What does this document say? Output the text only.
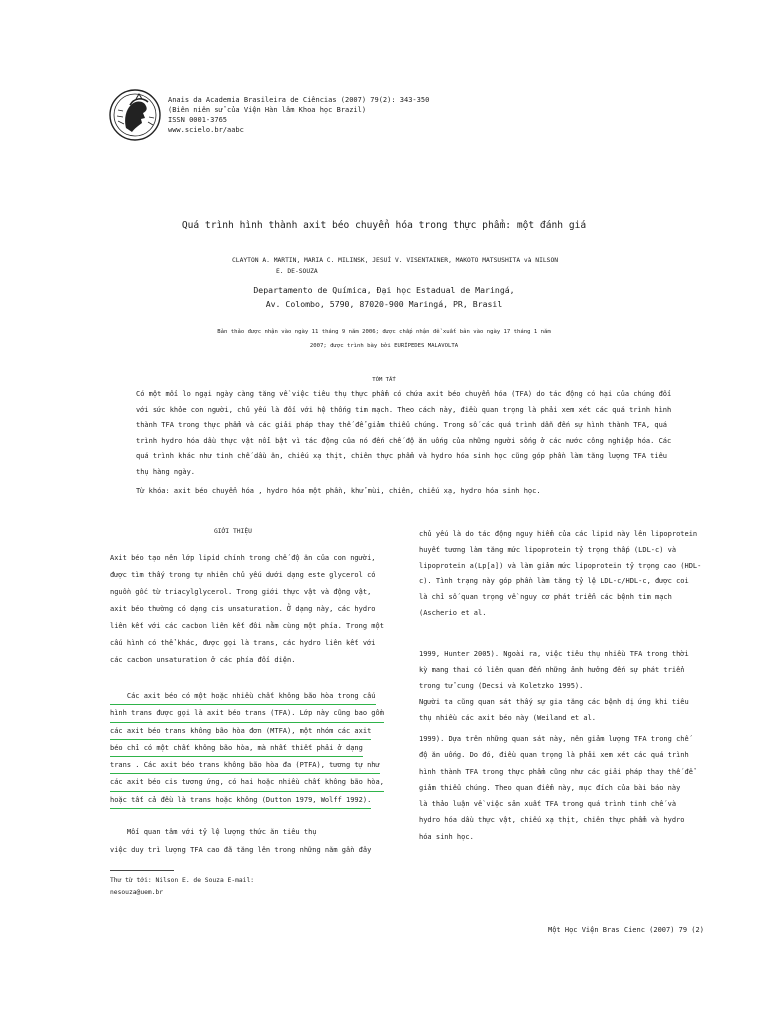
Anais da Academia Brasileira de Ciências (2007) 79(2): 343-350
(Biên niên sử của Viện Hàn lâm Khoa học Brazil)
ISSN 0001-3765
www.scielo.br/aabc
Quá trình hình thành axit béo chuyển hóa trong thực phẩm: một đánh giá
CLAYTON A. MARTIN, MARIA C. MILINSK, JESUÍ V. VISENTAINER, MAKOTO MATSUSHITA và NILSON
E. DE-SOUZA
Departamento de Química, Đại học Estadual de Maringá,
Av. Colombo, 5790, 87020-900 Maringá, PR, Brasil
Bản thảo được nhận vào ngày 11 tháng 9 năm 2006; được chấp nhận để xuất bản vào ngày 17 tháng 1 năm
2007; được trình bày bởi EURÍPEDES MALAVOLTA
TÓM TẮT
Có một mối lo ngại ngày càng tăng về việc tiêu thụ thực phẩm có chứa axit béo chuyển hóa (TFA) do tác động có hại của chúng đối
với sức khỏe con người, chủ yếu là đối với hệ thống tim mạch. Theo cách này, điều quan trọng là phải xem xét các quá trình hình
thành TFA trong thực phẩm và các giải pháp thay thế để giảm thiểu chúng. Trong số các quá trình dẫn đến sự hình thành TFA, quá
trình hydro hóa dầu thực vật nổi bật vì tác động của nó đến chế độ ăn uống của những người sống ở các nước công nghiệp hóa. Các
quá trình khác như tinh chế dầu ăn, chiếu xạ thịt, chiên thực phẩm và hydro hóa sinh học cũng góp phần làm tăng lượng TFA tiêu
thụ hàng ngày.
Từ khóa: axit béo chuyển hóa , hydro hóa một phần, khử mùi, chiên, chiếu xạ, hydro hóa sinh học.
GIỚI THIỆU
Axit béo tạo nên lớp lipid chính trong chế độ ăn của con người,
được tìm thấy trong tự nhiên chủ yếu dưới dạng este glycerol có
nguồn gốc từ triacylglycerol. Trong giới thực vật và động vật,
axit béo thường có dạng cis unsaturation. Ở dạng này, các hydro
liên kết với các cacbon liên kết đôi nằm cùng một phía. Trong một
cấu hình có thể khác, được gọi là trans, các hydro liên kết với
các cacbon unsaturation ở các phía đối diện.
Các axit béo có một hoặc nhiều chất không bão hòa trong cấu
hình trans được gọi là axit béo trans (TFA). Lớp này cũng bao gồm
các axit béo trans không bão hòa đơn (MTFA), một nhóm các axit
béo chỉ có một chất không bão hòa, mà nhất thiết phải ở dạng
trans . Các axit béo trans không bão hòa đa (PTFA), tương tự như
các axit béo cis tương ứng, có hai hoặc nhiều chất không bão hòa,
hoặc tất cả đều là trans hoặc không (Dutton 1979, Wolff 1992).
Mối quan tâm với tỷ lệ lượng thức ăn tiêu thụ
việc duy trì lượng TFA cao đã tăng lên trong những năm gần đây
Thư từ tới: Nilson E. de Souza E-mail:
nesouza@uem.br
chủ yếu là do tác động nguy hiểm của các lipid này lên lipoprotein
huyết tương làm tăng mức lipoprotein tỷ trọng thấp (LDL-c) và
lipoprotein a(Lp[a]) và làm giảm mức lipoprotein tỷ trọng cao (HDL-
c). Tình trạng này góp phần làm tăng tỷ lệ LDL-c/HDL-c, được coi
là chỉ số quan trọng về nguy cơ phát triển các bệnh tim mạch
(Ascherio et al.
1999, Hunter 2005). Ngoài ra, việc tiêu thụ nhiều TFA trong thời
kỳ mang thai có liên quan đến những ảnh hưởng đến sự phát triển
trong tử cung (Decsi và Koletzko 1995).
Người ta cũng quan sát thấy sự gia tăng các bệnh dị ứng khi tiêu
thụ nhiều các axit béo này (Weiland et al.
1999). Dựa trên những quan sát này, nên giảm lượng TFA trong chế
độ ăn uống. Do đó, điều quan trọng là phải xem xét các quá trình
hình thành TFA trong thực phẩm cũng như các giải pháp thay thế để
giảm thiểu chúng. Theo quan điểm này, mục đích của bài báo này
là thảo luận về việc sản xuất TFA trong quá trình tinh chế và
hydro hóa dầu thực vật, chiếu xạ thịt, chiên thực phẩm và hydro
hóa sinh học.
Một Học Viện Bras Cienc (2007) 79 (2)
